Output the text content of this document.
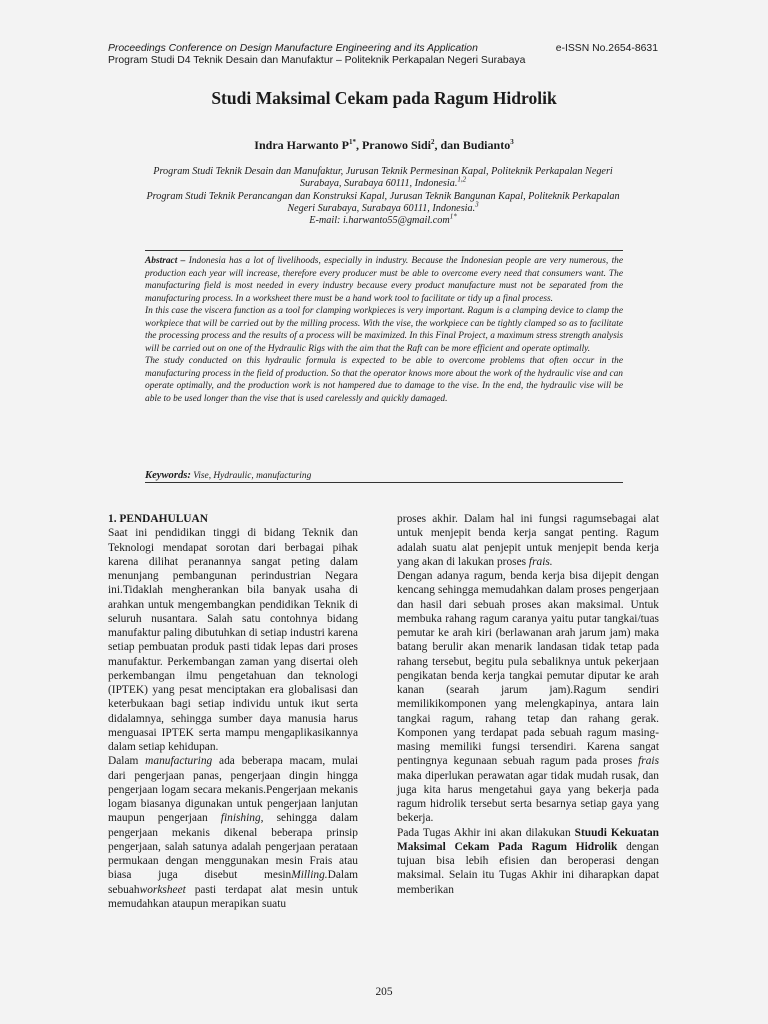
Proceedings Conference on Design Manufacture Engineering and its Application	e-ISSN No.2654-8631
Program Studi D4 Teknik Desain dan Manufaktur – Politeknik Perkapalan Negeri Surabaya
Studi Maksimal Cekam pada Ragum Hidrolik
Indra Harwanto $P^{1*}$, Pranowo Sidi$^2$, dan Budianto$^3$
Program Studi Teknik Desain dan Manufaktur, Jurusan Teknik Permesinan Kapal, Politeknik Perkapalan Negeri
Surabaya, Surabaya 60111, Indonesia.$^{1,2}$
Program Studi Teknik Perancangan dan Konstruksi Kapal, Jurusan Teknik Bangunan Kapal, Politeknik Perkapalan
Negeri Surabaya, Surabaya 60111, Indonesia.$^3$
E-mail: i.harwanto55@gmail.com$^{1*}$

Abstract – Indonesia has a lot of livelihoods, especially in industry. Because the Indonesian people are very numerous, the production each year will increase, therefore every producer must be able to overcome every need that consumers want. The manufacturing field is most needed in every industry because every product manufacture must not be separated from the manufacturing process. In a worksheet there must be a hand work tool to facilitate or tidy up a final process.

In this case the viscera function as a tool for clamping workpieces is very important. Ragum is a clamping device to clamp the workpiece that will be carried out by the milling process. With the vise, the workpiece can be tightly clamped so as to facilitate the processing process and the results of a process will be maximized. In this Final Project, a maximum stress strength analysis will be carried out on one of the Hydraulic Rigs with the aim that the Raft can be more efficient and operate optimally.

The study conducted on this hydraulic formula is expected to be able to overcome problems that often occur in the manufacturing process in the field of production. So that the operator knows more about the work of the hydraulic vise and can operate optimally, and the production work is not hampered due to damage to the vise. In the end, the hydraulic vise will be able to be used longer than the vise that is used carelessly and quickly damaged.

Keywords: Vise, Hydraulic, manufacturing

1. PENDAHULUAN

Saat ini pendidikan tinggi di bidang Teknik dan Teknologi mendapat sorotan dari berbagai pihak karena dilihat peranannya sangat peting dalam menunjang pembangunan perindustrian Negara ini.Tidaklah mengherankan bila banyak usaha di arahkan untuk mengembangkan pendidikan Teknik di seluruh nusantara. Salah satu contohnya bidang manufaktur paling dibutuhkan di setiap industri karena setiap pembuatan produk pasti tidak lepas dari proses manufaktur. Perkembangan zaman yang disertai oleh perkembangan ilmu pengetahuan dan teknologi (IPTEK) yang pesat menciptakan era globalisasi dan keterbukaan bagi setiap individu untuk ikut serta didalamnya, sehingga sumber daya manusia harus menguasai IPTEK serta mampu mengaplikasikannya dalam setiap kehidupan.

Dalam manufacturing ada beberapa macam, mulai dari pengerjaan panas, pengerjaan dingin hingga pengerjaan logam secara mekanis.Pengerjaan mekanis logam biasanya digunakan untuk pengerjaan lanjutan maupun pengerjaan finishing, sehingga dalam pengerjaan mekanis dikenal beberapa prinsip pengerjaan, salah satunya adalah pengerjaan perataan permukaan dengan menggunakan mesin Frais atau biasa juga disebut mesinMilling.Dalam sebuahworksheet pasti terdapat alat mesin untuk memudahkan ataupun merapikan suatu

proses akhir. Dalam hal ini fungsi ragumsebagai alat untuk menjepit benda kerja sangat penting. Ragum adalah suatu alat penjepit untuk menjepit benda kerja yang akan di lakukan proses frais.

Dengan adanya ragum, benda kerja bisa dijepit dengan kencang sehingga memudahkan dalam proses pengerjaan dan hasil dari sebuah proses akan maksimal. Untuk membuka rahang ragum caranya yaitu putar tangkai/tuas pemutar ke arah kiri (berlawanan arah jarum jam) maka batang berulir akan menarik landasan tidak tetap pada rahang tersebut, begitu pula sebaliknya untuk pekerjaan pengikatan benda kerja tangkai pemutar diputar ke arah kanan (searah jarum jam).Ragum sendiri memilikikomponen yang melengkapinya, antara lain tangkai ragum, rahang tetap dan rahang gerak. Komponen yang terdapat pada sebuah ragum masing-masing memiliki fungsi tersendiri. Karena sangat pentingnya kegunaan sebuah ragum pada proses frais maka diperlukan perawatan agar tidak mudah rusak, dan juga kita harus mengetahui gaya yang bekerja pada ragum hidrolik tersebut serta besarnya setiap gaya yang bekerja.

Pada Tugas Akhir ini akan dilakukan Stuudi Kekuatan Maksimal Cekam Pada Ragum Hidrolik dengan tujuan bisa lebih efisien dan beroperasi dengan maksimal. Selain itu Tugas Akhir ini diharapkan dapat memberikan

205
